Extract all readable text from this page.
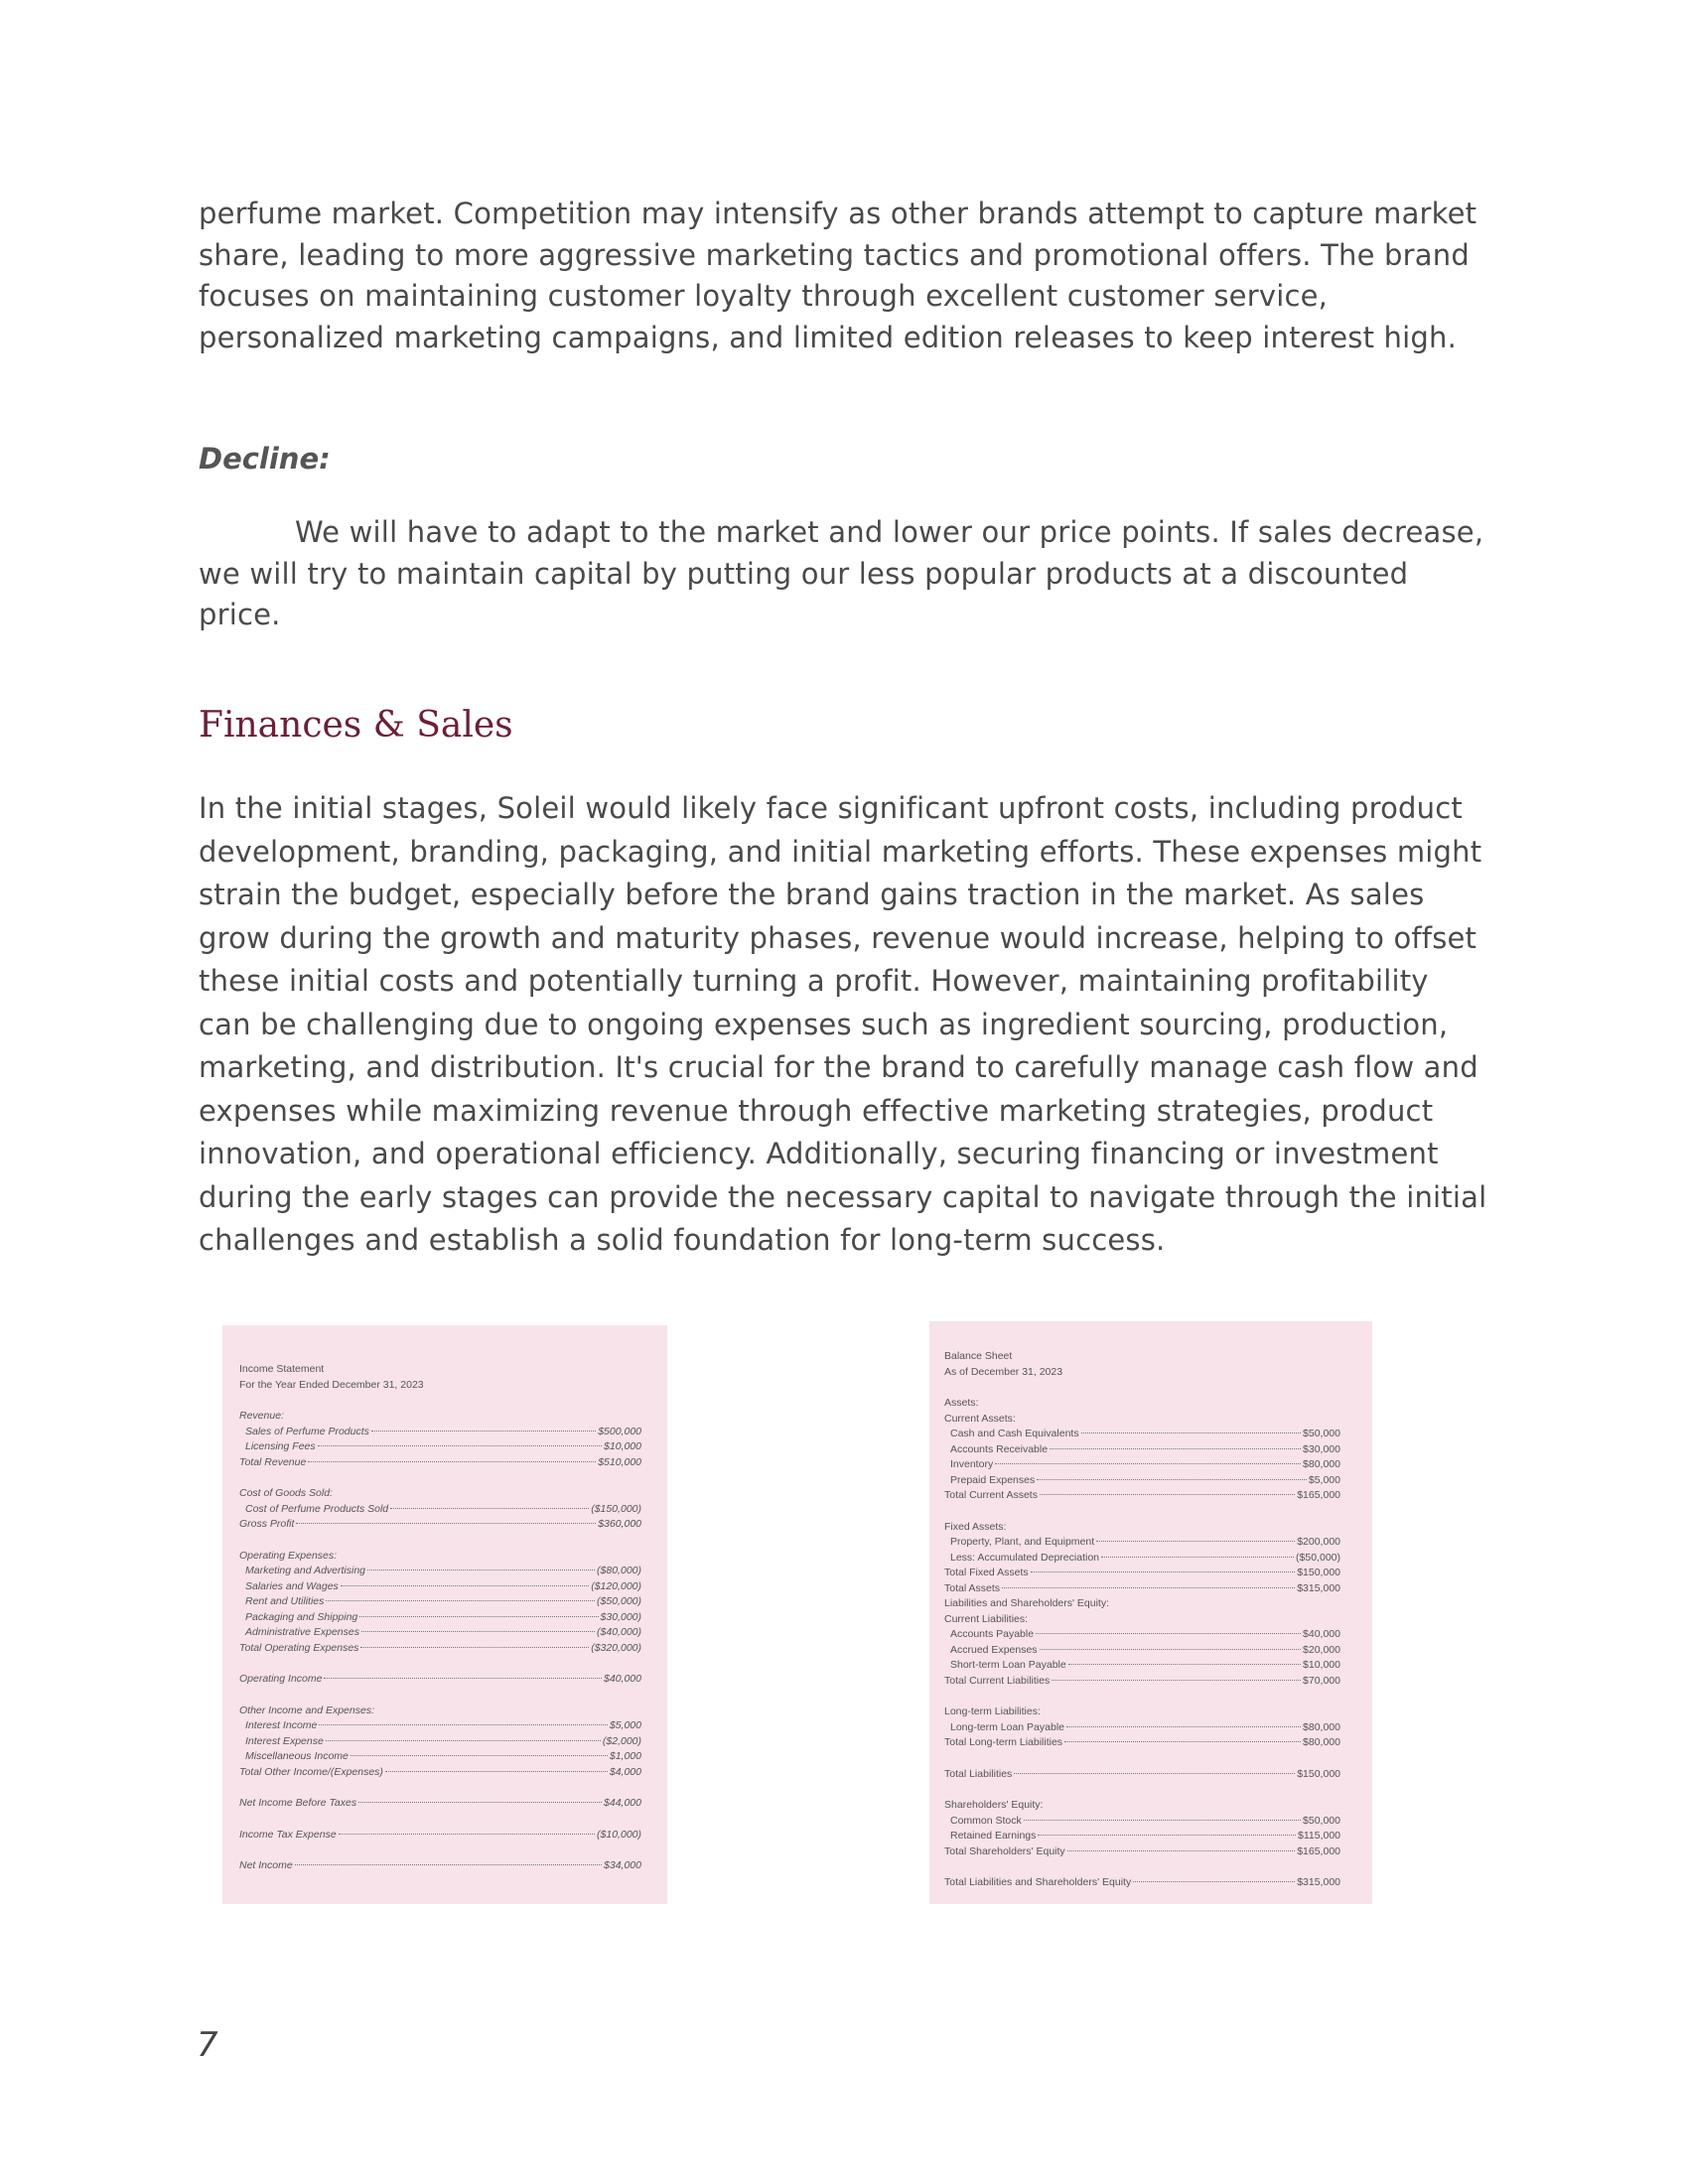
perfume market. Competition may intensify as other brands attempt to capture market share, leading to more aggressive marketing tactics and promotional offers. The brand focuses on maintaining customer loyalty through excellent customer service, personalized marketing campaigns, and limited edition releases to keep interest high.
Decline:
We will have to adapt to the market and lower our price points. If sales decrease, we will try to maintain capital by putting our less popular products at a discounted price.
Finances & Sales
In the initial stages, Soleil would likely face significant upfront costs, including product development, branding, packaging, and initial marketing efforts. These expenses might strain the budget, especially before the brand gains traction in the market. As sales grow during the growth and maturity phases, revenue would increase, helping to offset these initial costs and potentially turning a profit. However, maintaining profitability can be challenging due to ongoing expenses such as ingredient sourcing, production, marketing, and distribution. It's crucial for the brand to carefully manage cash flow and expenses while maximizing revenue through effective marketing strategies, product innovation, and operational efficiency. Additionally, securing financing or investment during the early stages can provide the necessary capital to navigate through the initial challenges and establish a solid foundation for long-term success.
Income Statement
For the Year Ended December 31, 2023
Revenue:
Sales of Perfume Products	$500,000
Licensing Fees	$10,000
Total Revenue	$510,000
Cost of Goods Sold:
Cost of Perfume Products Sold	($150,000)
Gross Profit	$360,000
Operating Expenses:
Marketing and Advertising	($80,000)
Salaries and Wages	($120,000)
Rent and Utilities	($50,000)
Packaging and Shipping	$30,000)
Administrative Expenses	($40,000)
Total Operating Expenses	($320,000)
Operating Income	$40,000
Other Income and Expenses:
Interest Income	$5,000
Interest Expense	($2,000)
Miscellaneous Income	$1,000
Total Other Income/(Expenses)	$4,000
Net Income Before Taxes	$44,000
Income Tax Expense	($10,000)
Net Income	$34,000
Balance Sheet
As of December 31, 2023
Assets:
Current Assets:
Cash and Cash Equivalents	$50,000
Accounts Receivable	$30,000
Inventory	$80,000
Prepaid Expenses	$5,000
Total Current Assets	$165,000
Fixed Assets:
Property, Plant, and Equipment	$200,000
Less: Accumulated Depreciation	($50,000)
Total Fixed Assets	$150,000
Total Assets	$315,000
Liabilities and Shareholders' Equity:
Current Liabilities:
Accounts Payable	$40,000
Accrued Expenses	$20,000
Short-term Loan Payable	$10,000
Total Current Liabilities	$70,000
Long-term Liabilities:
Long-term Loan Payable	$80,000
Total Long-term Liabilities	$80,000
Total Liabilities	$150,000
Shareholders' Equity:
Common Stock	$50,000
Retained Earnings	$115,000
Total Shareholders' Equity	$165,000
Total Liabilities and Shareholders' Equity	$315,000
7
